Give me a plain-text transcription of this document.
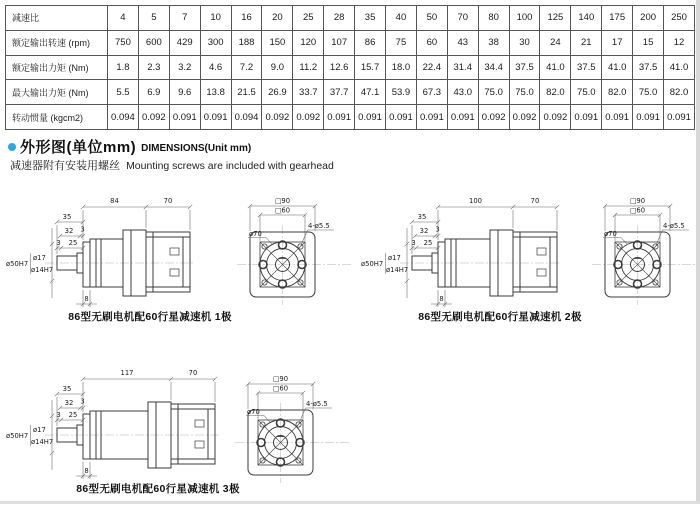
减速比	4	5	7	10	16	20	25	28	35	40	50	70	80	100	125	140	175	200	250
额定输出转速 (rpm)	750	600	429	300	188	150	120	107	86	75	60	43	38	30	24	21	17	15	12
额定输出力矩 (Nm)	1.8	2.3	3.2	4.6	7.2	9.0	11.2	12.6	15.7	18.0	22.4	31.4	34.4	37.5	41.0	37.5	41.0	37.5	41.0
最大输出力矩 (Nm)	5.5	6.9	9.6	13.8	21.5	26.9	33.7	37.7	47.1	53.9	67.3	43.0	75.0	75.0	82.0	75.0	82.0	75.0	82.0
转动惯量 (kgcm2)	0.094	0.092	0.091	0.091	0.094	0.092	0.092	0.091	0.091	0.091	0.091	0.091	0.092	0.092	0.092	0.091	0.091	0.091	0.091
外形图(单位mm) DIMENSIONS(Unit mm)
减速器附有安装用螺丝 Mounting screws are included with gearhead
84	70
35
32 3
3 25
ø50H7
ø17
ø14H7
8
□90
□60
ø70
4-ø5.5
100	70
35
32 3
3 25
ø50H7
ø17
ø14H7
8
□90
□60
ø70
4-ø5.5
117	70
35
32 3
3 25
ø50H7
ø17
ø14H7
8
□90
□60
ø70
4-ø5.5
86型无刷电机配60行星减速机 1极	86型无刷电机配60行星减速机 2极
86型无刷电机配60行星减速机 3极
